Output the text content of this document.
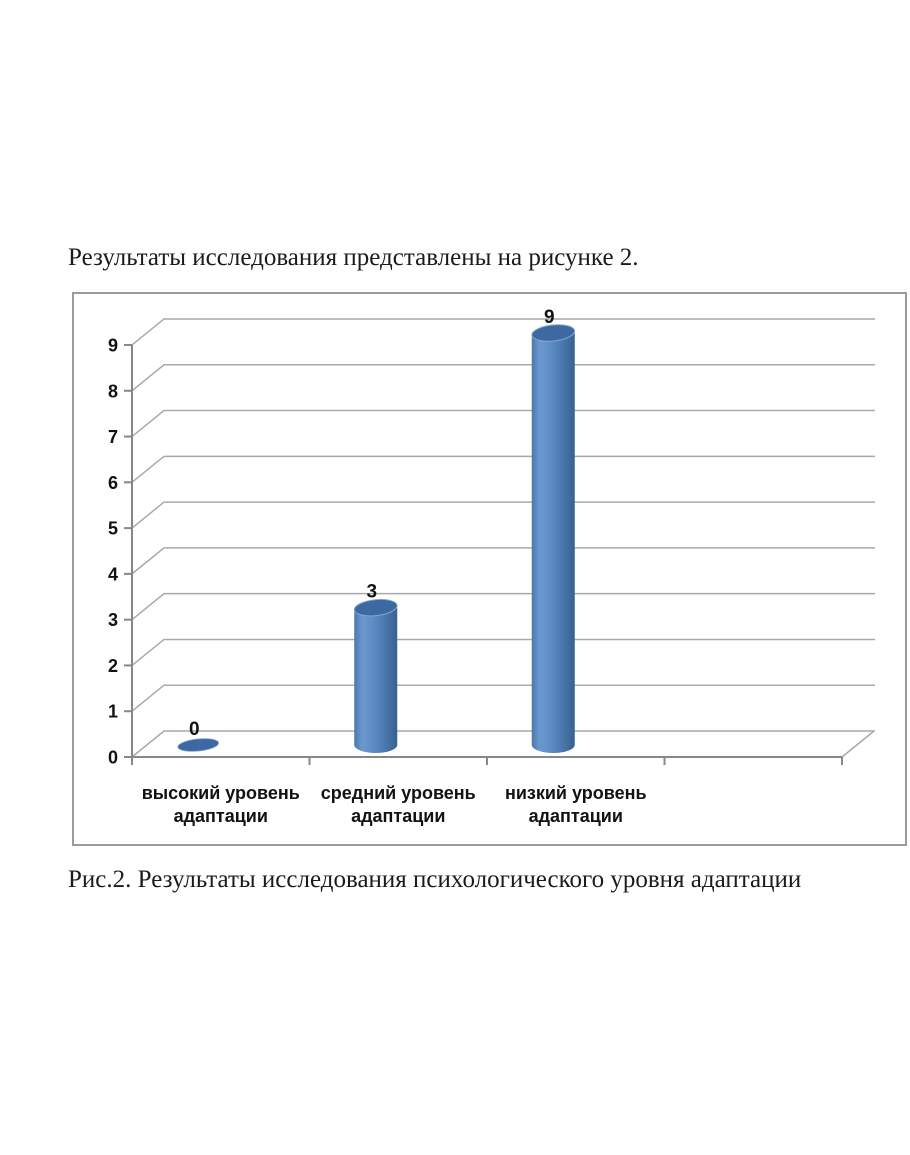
Результаты исследования представлены на рисунке 2.
0
1
2
3
4
5
6
7
8
9
0
3
9
высокий уровень
адаптации
средний уровень
адаптации
низкий уровень
адаптации
Рис.2. Результаты исследования психологического уровня адаптации
